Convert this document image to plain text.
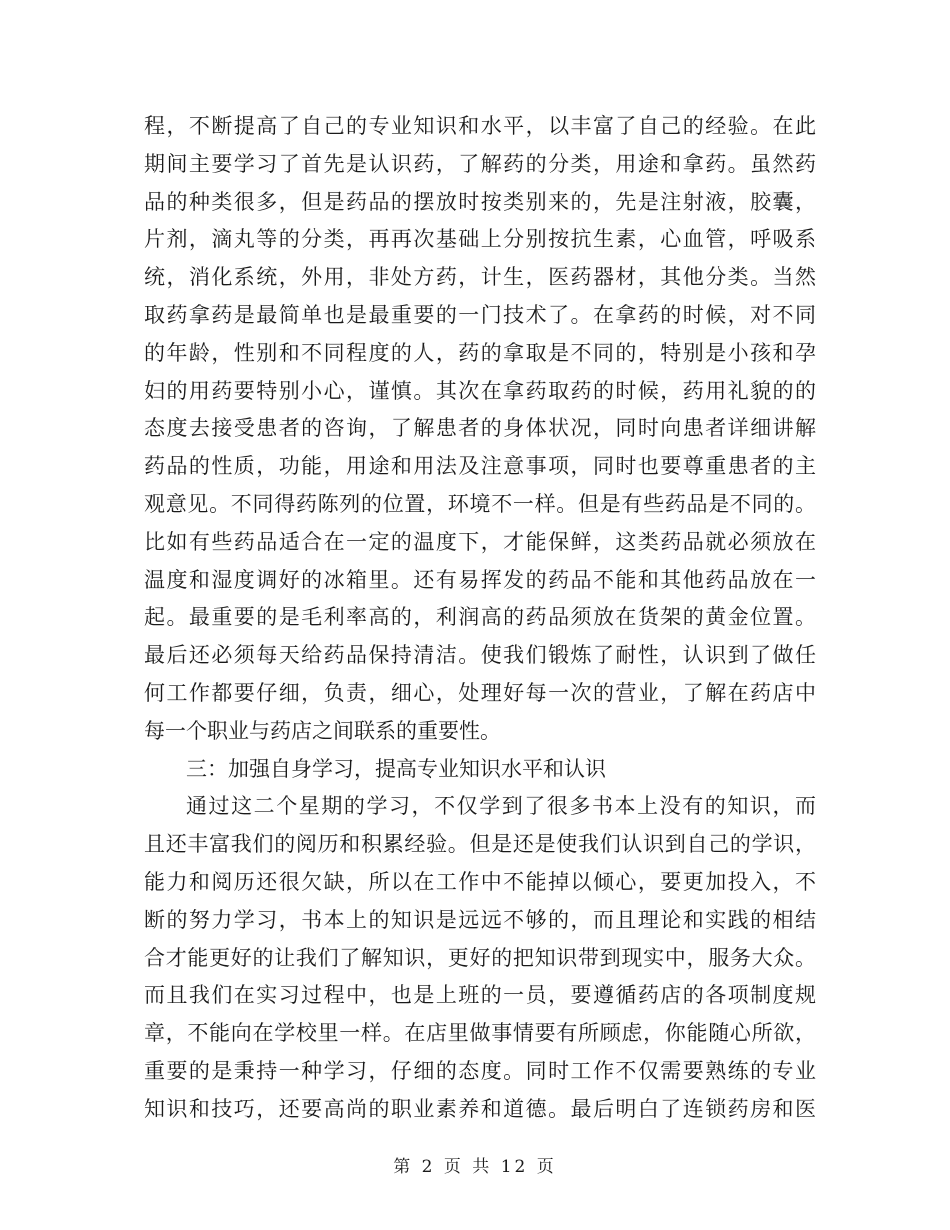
程，不断提高了自己的专业知识和水平，以丰富了自己的经验。在此
期间主要学习了首先是认识药，了解药的分类，用途和拿药。虽然药
品的种类很多，但是药品的摆放时按类别来的，先是注射液，胶囊，
片剂，滴丸等的分类，再再次基础上分别按抗生素，心血管，呼吸系
统，消化系统，外用，非处方药，计生，医药器材，其他分类。当然
取药拿药是最简单也是最重要的一门技术了。在拿药的时候，对不同
的年龄，性别和不同程度的人，药的拿取是不同的，特别是小孩和孕
妇的用药要特别小心，谨慎。其次在拿药取药的时候，药用礼貌的的
态度去接受患者的咨询，了解患者的身体状况，同时向患者详细讲解
药品的性质，功能，用途和用法及注意事项，同时也要尊重患者的主
观意见。不同得药陈列的位置，环境不一样。但是有些药品是不同的。
比如有些药品适合在一定的温度下，才能保鲜，这类药品就必须放在
温度和湿度调好的冰箱里。还有易挥发的药品不能和其他药品放在一
起。最重要的是毛利率高的，利润高的药品须放在货架的黄金位置。
最后还必须每天给药品保持清洁。使我们锻炼了耐性，认识到了做任
何工作都要仔细，负责，细心，处理好每一次的营业，了解在药店中
每一个职业与药店之间联系的重要性。
三：加强自身学习，提高专业知识水平和认识
通过这二个星期的学习，不仅学到了很多书本上没有的知识，而
且还丰富我们的阅历和积累经验。但是还是使我们认识到自己的学识，
能力和阅历还很欠缺，所以在工作中不能掉以倾心，要更加投入，不
断的努力学习，书本上的知识是远远不够的，而且理论和实践的相结
合才能更好的让我们了解知识，更好的把知识带到现实中，服务大众。
而且我们在实习过程中，也是上班的一员，要遵循药店的各项制度规
章，不能向在学校里一样。在店里做事情要有所顾虑，你能随心所欲，
重要的是秉持一种学习，仔细的态度。同时工作不仅需要熟练的专业
知识和技巧，还要高尚的职业素养和道德。最后明白了连锁药房和医
第 2 页 共 12 页
